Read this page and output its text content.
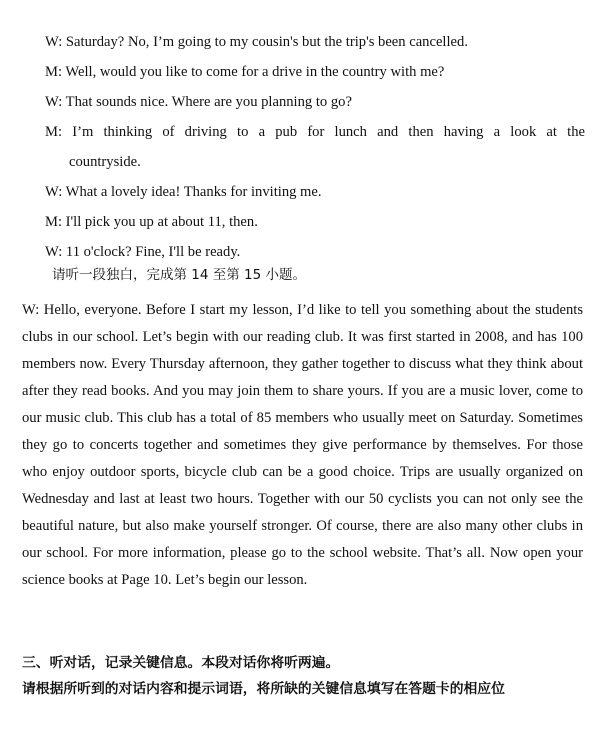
W: Saturday? No, I’m going to my cousin's but the trip's been cancelled.

M: Well, would you like to come for a drive in the country with me?

W: That sounds nice. Where are you planning to go?

M: I’m thinking of driving to a pub for lunch and then having a look at the
countryside.

W: What a lovely idea! Thanks for inviting me.

M: I'll pick you up at about 11, then.

W: 11 o'clock? Fine, I'll be ready.

请听一段独白，完成第 14 至第 15 小题。

W: Hello, everyone. Before I start my lesson, I’d like to tell you something about the students clubs in our school. Let’s begin with our reading club. It was first started in 2008, and has 100 members now. Every Thursday afternoon, they gather together to discuss what they think about after they read books. And you may join them to share yours. If you are a music lover, come to our music club. This club has a total of 85 members who usually meet on Saturday. Sometimes they go to concerts together and sometimes they give performance by themselves. For those who enjoy outdoor sports, bicycle club can be a good choice. Trips are usually organized on Wednesday and last at least two hours. Together with our 50 cyclists you can not only see the beautiful nature, but also make yourself stronger. Of course, there are also many other clubs in our school. For more information, please go to the school website. That’s all. Now open your science books at Page 10. Let’s begin our lesson.

三、听对话，记录关键信息。本段对话你将听两遍。

请根据所听到的对话内容和提示词语，将所缺的关键信息填写在答题卡的相应位
